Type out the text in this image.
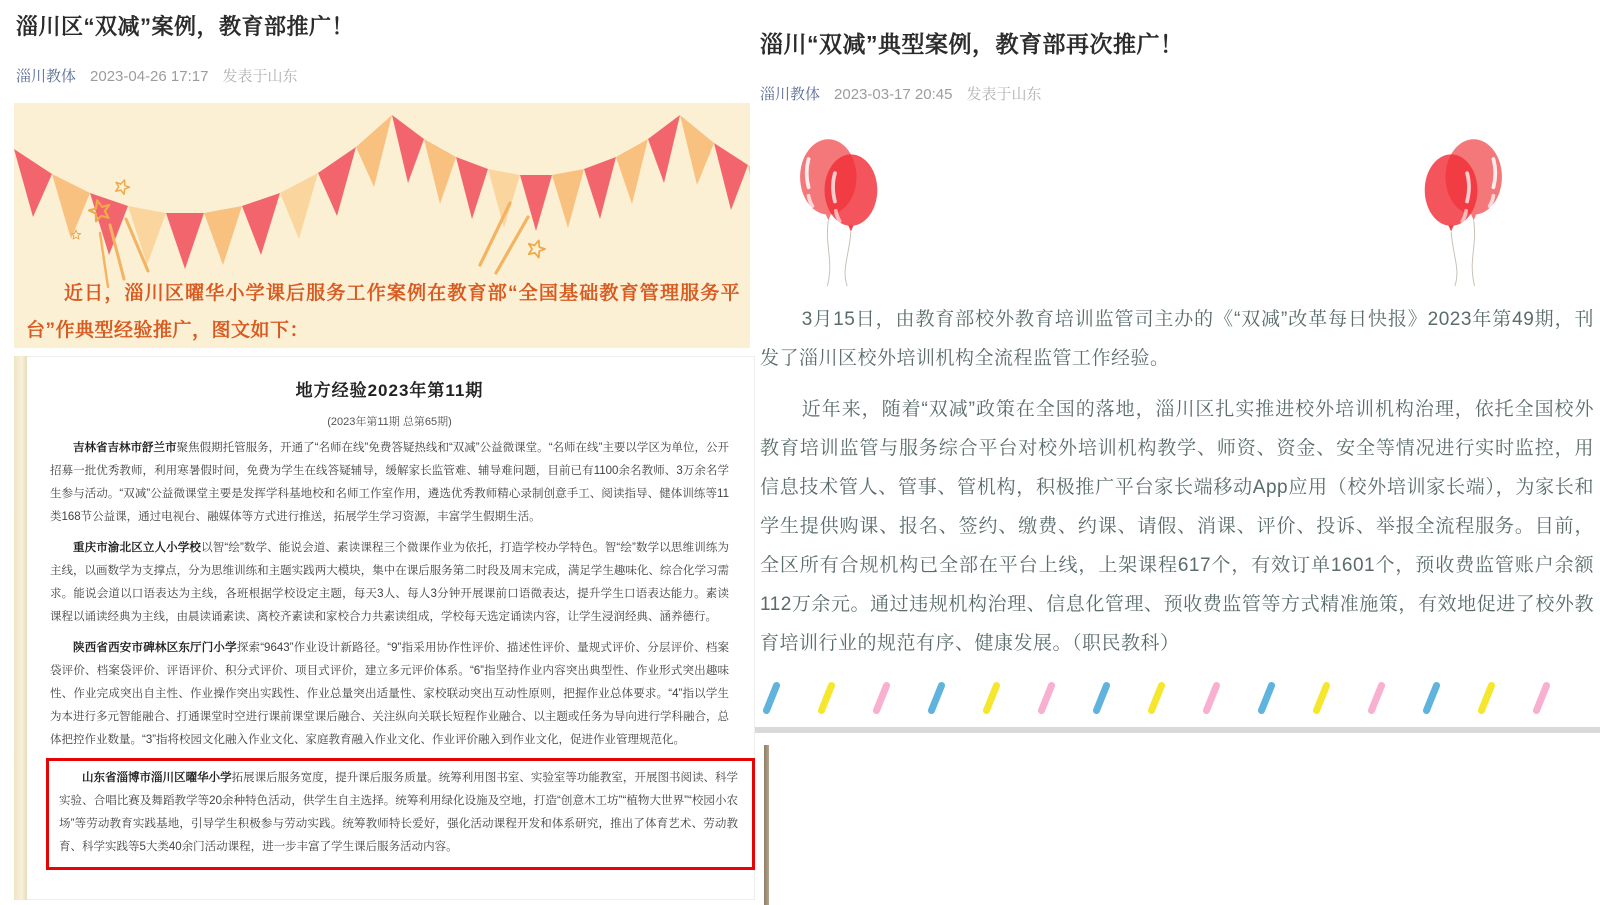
淄川区“双减”案例，教育部推广！
淄川教体 2023-04-26 17:17 发表于山东

近日，淄川区曜华小学课后服务工作案例在教育部“全国基础教育管理服务平台”作典型经验推广，图文如下：

地方经验2023年第11期
(2023年第11期 总第65期)

吉林省吉林市舒兰市聚焦假期托管服务，开通了“名师在线”免费答疑热线和“双减”公益微课堂。“名师在线”主要以学区为单位，公开招募一批优秀教师，利用寒暑假时间，免费为学生在线答疑辅导，缓解家长监管难、辅导难问题，目前已有1100余名教师、3万余名学生参与活动。“双减”公益微课堂主要是发挥学科基地校和名师工作室作用，遴选优秀教师精心录制创意手工、阅读指导、健体训练等11类168节公益课，通过电视台、融媒体等方式进行推送，拓展学生学习资源，丰富学生假期生活。

重庆市渝北区立人小学校以智“绘”数学、能说会道、素读课程三个微课作业为依托，打造学校办学特色。智“绘”数学以思维训练为主线，以画数学为支撑点，分为思维训练和主题实践两大模块，集中在课后服务第二时段及周末完成，满足学生趣味化、综合化学习需求。能说会道以口语表达为主线，各班根据学校设定主题，每天3人、每人3分钟开展课前口语微表达，提升学生口语表达能力。素读课程以诵读经典为主线，由晨读诵素读、离校齐素读和家校合力共素读组成，学校每天选定诵读内容，让学生浸润经典、涵养德行。

陕西省西安市碑林区东厅门小学探索“9643”作业设计新路径。“9”指采用协作性评价、描述性评价、量规式评价、分层评价、档案袋评价、档案袋评价、评语评价、积分式评价、项目式评价，建立多元评价体系。“6”指坚持作业内容突出典型性、作业形式突出趣味性、作业完成突出自主性、作业操作突出实践性、作业总量突出适量性、家校联动突出互动性原则，把握作业总体要求。“4”指以学生为本进行多元智能融合、打通课堂时空进行课前课堂课后融合、关注纵向关联长短程作业融合、以主题或任务为导向进行学科融合，总体把控作业数量。“3”指将校园文化融入作业文化、家庭教育融入作业文化、作业评价融入到作业文化，促进作业管理规范化。

山东省淄博市淄川区曜华小学拓展课后服务宽度，提升课后服务质量。统筹利用图书室、实验室等功能教室，开展图书阅读、科学实验、合唱比赛及舞蹈教学等20余种特色活动，供学生自主选择。统筹利用绿化设施及空地，打造“创意木工坊”“植物大世界”“校园小农场”等劳动教育实践基地，引导学生积极参与劳动实践。统筹教师特长爱好，强化活动课程开发和体系研究，推出了体育艺术、劳动教育、科学实践等5大类40余门活动课程，进一步丰富了学生课后服务活动内容。

淄川“双减”典型案例，教育部再次推广！
淄川教体 2023-03-17 20:45 发表于山东

3月15日，由教育部校外教育培训监管司主办的《“双减”改革每日快报》2023年第49期，刊发了淄川区校外培训机构全流程监管工作经验。

近年来，随着“双减”政策在全国的落地，淄川区扎实推进校外培训机构治理，依托全国校外教育培训监管与服务综合平台对校外培训机构教学、师资、资金、安全等情况进行实时监控，用信息技术管人、管事、管机构，积极推广平台家长端移动App应用（校外培训家长端），为家长和学生提供购课、报名、签约、缴费、约课、请假、消课、评价、投诉、举报全流程服务。目前，全区所有合规机构已全部在平台上线，上架课程617个，有效订单1601个，预收费监管账户余额112万余元。通过违规机构治理、信息化管理、预收费监管等方式精准施策，有效地促进了校外教育培训行业的规范有序、健康发展。（职民教科）
